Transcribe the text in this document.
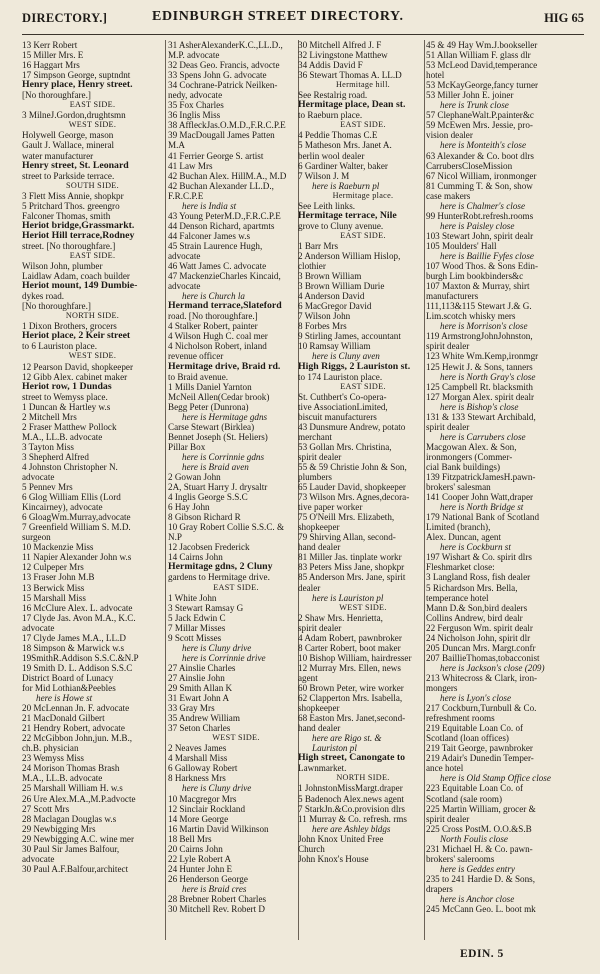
DIRECTORY.]	EDINBURGH STREET DIRECTORY.	HIG 65
13 Kerr Robert
15 Miller Mrs. E
16 Haggart Mrs
17 Simpson George, suptndnt
Henry place, Henry street.
[No thoroughfare.]
EAST SIDE.
3 MilneJ.Gordon,drughtsmn
WEST SIDE.
Holywell George, mason
Gault J. Wallace, mineral
water manufacturer
Henry street, St. Leonard
street to Parkside terrace.
SOUTH SIDE.
3 Flett Miss Annie, shopkpr
5 Pritchard Thos. greengro
Falconer Thomas, smith
Heriot bridge,Grassmarkt.
Heriot Hill terrace,Rodney
street. [No thoroughfare.]
EAST SIDE.
Wilson John, plumber
Laidlaw Adam, coach builder
Heriot mount, 149 Dumbie-
dykes road.
[No thoroughfare.]
NORTH SIDE.
1 Dixon Brothers, grocers
Heriot place, 2 Keir street
to 6 Lauriston place.
WEST SIDE.
12 Pearson David, shopkeeper
12 Gibb Alex. cabinet maker
Heriot row, 1 Dundas
street to Wemyss place.
1 Duncan & Hartley w.s
2 Mitchell Mrs
2 Fraser Matthew Pollock
M.A., LL.B. advocate
3 Tayton Miss
3 Shepherd Alfred
4 Johnston Christopher N.
advocate
5 Pennev Mrs
6 Glog William Ellis (Lord
Kincairney), advocate
6 GloagWm.Murray,advocate
7 Greenfield William S. M.D.
surgeon
10 Mackenzie Miss
11 Napier Alexander John w.s
12 Culpeper Mrs
13 Fraser John M.B
13 Berwick Miss
15 Marshall Miss
16 McClure Alex. L. advocate
17 Clyde Jas. Avon M.A., K.C.
advocate
17 Clyde James M.A., LL.D
18 Simpson & Marwick w.s
19SmithR.Addison S.S.C.&N.P
19 Smith D. L. Addison S.S.C
District Board of Lunacy
for Mid Lothian&Peebles
here is Howe st
20 McLennan Jn. F. advocate
21 MacDonald Gilbert
21 Hendry Robert, advocate
22 McGibbon John,jun. M.B.,
ch.B. physician
23 Wemyss Miss
24 Morison Thomas Brash
M.A., LL.B. advocate
25 Marshall William H. w.s
26 Ure Alex.M.A.,M.P.advocte
27 Scott Mrs
28 Maclagan Douglas w.s
29 Newbigging Mrs
29 Newbigging A.C. wine mer
30 Paul Sir James Balfour,
advocate
30 Paul A.F.Balfour,architect
31 AsherAlexanderK.C.,LL.D.,
M.P. advocate
32 Deas Geo. Francis, advocte
33 Spens John G. advocate
34 Cochrane-Patrick Neilken-
nedy, advocate
35 Fox Charles
36 Inglis Miss
38 AffleckJas.O.M.D.,F.R.C.P.E
39 MacDougall James Patten
M.A
41 Ferrier George S. artist
41 Law Mrs
42 Buchan Alex. HillM.A., M.D
42 Buchan Alexander LL.D.,
F.R.C.P.E
here is India st
43 Young PeterM.D.,F.R.C.P.E
44 Denson Richard, apartmts
44 Falconer James w.s
45 Strain Laurence Hugh,
advocate
46 Watt James C. advocate
47 MackenzieCharles Kincaid,
advocate
here is Church la
Hermand terrace,Slateford
road. [No thoroughfare.]
4 Stalker Robert, painter
4 Wilson Hugh C. coal mer
4 Nicholson Robert, inland
revenue officer
Hermitage drive, Braid rd.
to Braid avenue.
1 Mills Daniel Yarnton
McNeil Allen(Cedar brook)
Begg Peter (Dunrona)
here is Hermitage gdns
Carse Stewart (Birklea)
Bennet Joseph (St. Heliers)
Pillar Box
here is Corrinnie gdns
here is Braid aven
2 Gowan John
2A, Stuart Harry J. drysaltr
4 Inglis George S.S.C
6 Hay John
8 Gibson Richard R
10 Gray Robert Collie S.S.C. &
N.P
12 Jacobsen Frederick
14 Cairns John
Hermitage gdns, 2 Cluny
gardens to Hermitage drive.
EAST SIDE.
1 White John
3 Stewart Ramsay G
5 Jack Edwin C
7 Millar Misses
9 Scott Misses
here is Cluny drive
here is Corrinnie drive
27 Ainslie Charles
27 Ainslie John
29 Smith Allan K
31 Ewart John A
33 Gray Mrs
35 Andrew William
37 Seton Charles
WEST SIDE.
2 Neaves James
4 Marshall Miss
6 Galloway Robert
8 Harkness Mrs
here is Cluny drive
10 Macgregor Mrs
12 Sinclair Rockland
14 More George
16 Martin David Wilkinson
18 Bell Mrs
20 Cairns John
22 Lyle Robert A
24 Hunter John E
26 Henderson George
here is Braid cres
28 Brebner Robert Charles
30 Mitchell Rev. Robert D
30 Mitchell Alfred J. F
32 Livingstone Matthew
34 Addis David F
36 Stewart Thomas A. LL.D
Hermitage hill.
See Restalrig road.
Hermitage place, Dean st.
to Raeburn place.
EAST SIDE.
4 Peddie Thomas C.E
5 Matheson Mrs. Janet A.
berlin wool dealer
6 Gardiner Walter, baker
7 Wilson J. M
here is Raeburn pl
Hermitage place.
See Leith links.
Hermitage terrace, Nile
grove to Cluny avenue.
EAST SIDE.
1 Barr Mrs
2 Anderson William Hislop,
clothier
3 Brown William
3 Brown William Durie
4 Anderson David
6 MacGregor David
7 Wilson John
8 Forbes Mrs
9 Stirling James, accountant
10 Ramsay William
here is Cluny aven
High Riggs, 2 Lauriston st.
to 174 Lauriston place.
EAST SIDE.
St. Cuthbert's Co-opera-
tive AssociationLimited,
biscuit manufacturers
43 Dunsmure Andrew, potato
merchant
53 Gollan Mrs. Christina,
spirit dealer
55 & 59 Christie John & Son,
plumbers
65 Lauder David, shopkeeper
73 Wilson Mrs. Agnes,decora-
tive paper worker
75 O'Neill Mrs. Elizabeth,
shopkeeper
79 Shirving Allan, second-
hand dealer
81 Miller Jas. tinplate workr
83 Peters Miss Jane, shopkpr
85 Anderson Mrs. Jane, spirit
dealer
here is Lauriston pl
WEST SIDE.
2 Shaw Mrs. Henrietta,
spirit dealer
4 Adam Robert, pawnbroker
8 Carter Robert, boot maker
10 Bishop William, hairdresser
12 Murray Mrs. Ellen, news
agent
60 Brown Peter, wire worker
62 Clapperton Mrs. Isabella,
shopkeeper
68 Easton Mrs. Janet,second-
hand dealer
here are Rigo st. &
Lauriston pl
High street, Canongate to
Lawnmarket.
NORTH SIDE.
1 JohnstonMissMargt.draper
5 Badenoch Alex.news agent
7 StarkJn.&Co.provision dlrs
11 Murray & Co. refresh. rms
here are Ashley bldgs
John Knox United Free
Church
John Knox's House
45 & 49 Hay Wm.J.bookseller
51 Allan William F. glass dlr
53 McLeod David,temperance
hotel
53 McKayGeorge,fancy turner
53 Miller John E. joiner
here is Trunk close
57 ClephaneWalt.P.painter&c
59 McEwen Mrs. Jessie, pro-
vision dealer
here is Monteith's close
63 Alexander & Co. boot dlrs
CarrubersCloseMission
67 Nicol William, ironmonger
81 Cumming T. & Son, show
case makers
here is Chalmer's close
99 HunterRobt.refresh.rooms
here is Paisley close
103 Stewart John, spirit dealr
105 Moulders' Hall
here is Baillie Fyfes close
107 Wood Thos. & Sons Edin-
burgh Lim bookbinders&c
107 Maxton & Murray, shirt
manufacturers
111,113&115 Stewart J.& G.
Lim.scotch whisky mers
here is Morrison's close
119 ArmstrongJohnJohnston,
spirit dealer
123 White Wm.Kemp,ironmgr
125 Hewit J. & Sons, tanners
here is North Gray's close
125 Campbell Rt. blacksmith
127 Morgan Alex. spirit dealr
here is Bishop's close
131 & 133 Stewart Archibald,
spirit dealer
here is Carrubers close
Macgowan Alex. & Son,
ironmongers (Commer-
cial Bank buildings)
139 FitzpatrickJamesH.pawn-
brokers' salesman
141 Cooper John Watt,draper
here is North Bridge st
179 National Bank of Scotland
Limited (branch),
Alex. Duncan, agent
here is Cockburn st
197 Wishart & Co. spirit dlrs
Fleshmarket close:
3 Langland Ross, fish dealer
5 Richardson Mrs. Bella,
temperance hotel
Mann D.& Son,bird dealers
Collins Andrew, bird dealr
22 Ferguson Wm. spirit dealr
24 Nicholson John, spirit dlr
205 Duncan Mrs. Margt.confr
207 BaillieThomas,tobacconist
here is Jackson's close (209)
213 Whitecross & Clark, iron-
mongers
here is Lyon's close
217 Cockburn,Turnbull & Co.
refreshment rooms
219 Equitable Loan Co. of
Scotland (loan offices)
219 Tait George, pawnbroker
219 Adair's Dunedin Temper-
ance hotel
here is Old Stamp Office close
223 Equitable Loan Co. of
Scotland (sale room)
225 Martin William, grocer &
spirit dealer
225 Cross PostM. O.O.&S.B
North Foulis close
231 Michael H. & Co. pawn-
brokers' salerooms
here is Geddes entry
235 to 241 Hardie D. & Sons,
drapers
here is Anchor close
245 McCann Geo. L. boot mk
EDIN. 5
